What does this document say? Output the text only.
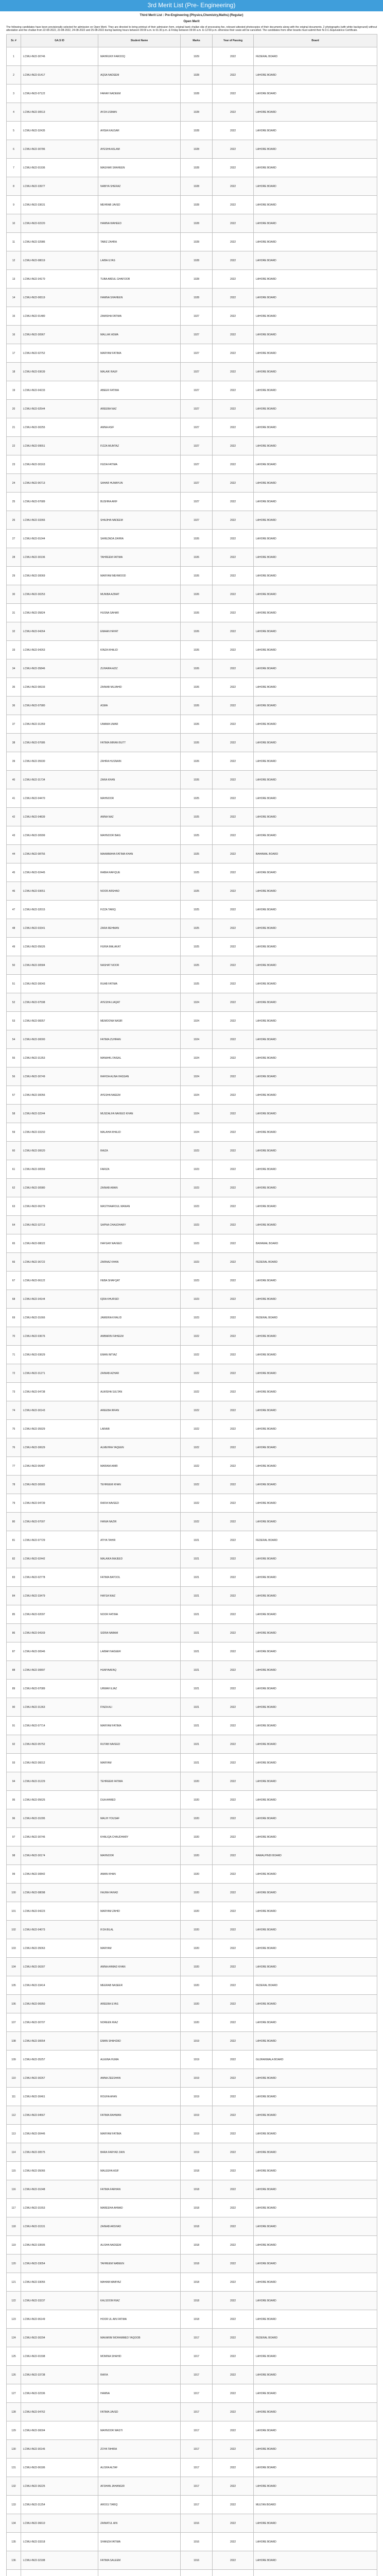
3rd Merit List (Pre- Engineering)
Third Merit List : Pre-Engineering (Physics,Chemistry,Maths) (Regular)
Open Merit
The following candidates have been provisionally selected for admission on Open Merit. They are directed to bring printout of their admission form, original bank challan slip of processing fee, relevant attested photocopies of their documents along with the original documents. 2 photographs (with white background) without attestation and fee challan from 22-08-2022, 23-08-2022, 24-08-2022 and 25-08-2022 during banking hours between 09:00 a.m. to 01:30 p.m. & Friday between 09:00 a.m. to 12:00 p.m. otherwise their seats will be cancelled. The candidates from other boards must submit their N.O.C./Equivalence Certificate.
Sr. #	GA.S ID	Student Name	Marks	Year of Passing	Board
1	LCWU-IN22-30746	MAHRUKH FAROOQ	1029	2022	FEDERAL BOARD
2	LCWU-IN22-01417	AQSA NADEEM	1028	2022	LAHORE BOARD
3	LCWU-IN22-07122	FARAH NADEEM	1028	2022	LAHORE BOARD
4	LCWU-IN22-30513	AYZA USMAN	1028	2022	LAHORE BOARD
5	LCWU-IN22-32435	AHSIA KAUSAR	1028	2022	LAHORE BOARD
6	LCWU-IN22-30786	AYESHA ASLAM	1028	2022	LAHORE BOARD
7	LCWU-IN22-01936	MAGHAR SHAHEEN	1028	2022	LAHORE BOARD
8	LCWU-IN22-33977	NABIYA SHERAZ	1028	2022	LAHORE BOARD
9	LCWU-IN22-33631	MEHRAB JAVED	1028	2022	LAHORE BOARD
10	LCWU-IN22-02220	HAMNA WAHEED	1028	2022	LAHORE BOARD
11	LCWU-IN22-32986	TABIZ ZAHRA	1028	2022	LAHORE BOARD
12	LCWU-IN22-08019	LAIBA ILYAS	1028	2022	LAHORE BOARD
13	LCWU-IN22-34170	TUBA ABDUL GHAFOOR	1028	2022	LAHORE BOARD
14	LCWU-IN22-06519	HAMNA SHAHEEN	1028	2022	LAHORE BOARD
15	LCWU-IN22-01480	ZAMISHA FATIMA	1027	2022	LAHORE BOARD
16	LCWU-IN22-30967	MALLAK ASMA	1027	2022	LAHORE BOARD
17	LCWU-IN22-02752	MARYAM FATIMA	1027	2022	LAHORE BOARD
18	LCWU-IN22-03639	MALAIK RAUF	1027	2022	LAHORE BOARD
19	LCWU-IN22-04233	ABEER FATIMA	1027	2022	LAHORE BOARD
20	LCWU-IN22-02544	AREEBA NAZ	1027	2022	LAHORE BOARD
21	LCWU-IN22-30255	AMNA ASIF	1027	2022	LAHORE BOARD
22	LCWU-IN22-09551	FIZZA MUMTAZ	1027	2022	LAHORE BOARD
23	LCWU-IN22-30163	HUDA FATIMA	1027	2022	LAHORE BOARD
24	LCWU-IN22-06713	SAHAR HUMAYUN	1027	2022	LAHORE BOARD
25	LCWU-IN22-07689	BUSHRA ARIF	1027	2022	LAHORE BOARD
26	LCWU-IN22-33366	SHAJIHA NADEEM	1027	2022	LAHORE BOARD
27	LCWU-IN22-01044	SAHEZADA ZAHRA	1026	2022	LAHORE BOARD
28	LCWU-IN22-30196	TAHREEM FATIMA	1026	2022	LAHORE BOARD
29	LCWU-IN22-30069	MARYAM MEHMOOD	1026	2022	LAHORE BOARD
30	LCWU-IN22-30253	MUNIBA AZMAT	1026	2022	LAHORE BOARD
31	LCWU-IN22-35824	HUSNA SAHAR	1026	2022	LAHORE BOARD
32	LCWU-IN22-04264	EMAAN HAYAT	1026	2022	LAHORE BOARD
33	LCWU-IN22-04263	KINZA KHALID	1026	2022	LAHORE BOARD
34	LCWU-IN22-35846	ZUHAIRA AZIZ	1026	2022	LAHORE BOARD
35	LCWU-IN22-08193	ZAINAB MUJAHID	1026	2022	LAHORE BOARD
36	LCWU-IN22-07980	ASMA	1026	2022	LAHORE BOARD
37	LCWU-IN22-31359	UMAMA UMAR	1026	2022	LAHORE BOARD
38	LCWU-IN22-07686	FATIMA IMRAN BUTT	1026	2022	LAHORE BOARD
39	LCWU-IN22-35930	ZAHRA HUSNAIN	1026	2022	LAHORE BOARD
40	LCWU-IN22-31734	ZARA KHAN	1026	2022	LAHORE BOARD
41	LCWU-IN22-04470	MAHNOOR	1025	2022	LAHORE BOARD
42	LCWU-IN22-04839	AMNA NAZ	1025	2022	LAHORE BOARD
43	LCWU-IN22-30999	MAHNOOR BAIG	1025	2022	LAHORE BOARD
44	LCWU-IN22-08756	MAAMMAHA FATIMA KHAN	1025	2022	BAHAWAL BOARD
45	LCWU-IN22-02445	RABIA RAFIQUE	1025	2022	LAHORE BOARD
46	LCWU-IN22-03651	NOOR ARSHAD	1025	2022	LAHORE BOARD
47	LCWU-IN22-32015	FIZZA TARIQ	1025	2022	LAHORE BOARD
48	LCWU-IN22-03341	ZARA REHMAN	1025	2022	LAHORE BOARD
49	LCWU-IN22-05626	HURIA MALAKAT	1025	2022	LAHORE BOARD
50	LCWU-IN22-30584	NASHAT NOOR	1025	2022	LAHORE BOARD
51	LCWU-IN22-30043	RUAB FATIMA	1025	2022	LAHORE BOARD
52	LCWU-IN22-07598	AYESHA LIAQAT	1024	2022	LAHORE BOARD
53	LCWU-IN22-08357	MEMOONA NASIR	1024	2022	LAHORE BOARD
54	LCWU-IN22-30000	FATIMA ZUHRAN	1024	2022	LAHORE BOARD
55	LCWU-IN22-31353	MANAHIL FAISAL	1024	2022	LAHORE BOARD
56	LCWU-IN22-30749	RAFIDA ALINA HASSAN	1024	2022	LAHORE BOARD
57	LCWU-IN22-30056	AYESHA NAEEM	1024	2022	LAHORE BOARD
58	LCWU-IN22-32244	MUSDALFA NAVEED KHAN	1024	2022	LAHORE BOARD
59	LCWU-IN22-33150	MALAHA KHALID	1024	2022	LAHORE BOARD
60	LCWU-IN22-30620	RAIZA	1023	2022	LAHORE BOARD
61	LCWU-IN22-30559	FARIZA	1023	2022	LAHORE BOARD
62	LCWU-IN22-30980	ZAINAB AMAN	1023	2022	LAHORE BOARD
63	LCWU-IN22-06279	MASTHAAROUL MANAN	1023	2022	LAHORE BOARD
64	LCWU-IN22-32713	SAPNA CHAUDHARY	1023	2022	LAHORE BOARD
65	LCWU-IN22-08022	HAFSAH NAVEED	1023	2022	BAHAWAL BOARD
66	LCWU-IN22-36722	ZARNAZ KHAN	1023	2022	FEDERAL BOARD
67	LCWU-IN22-06122	HEBA SHAFQAT	1023	2022	LAHORE BOARD
68	LCWU-IN22-34144	IQRA KHURSID	1023	2022	LAHORE BOARD
69	LCWU-IN22-31666	JAWERIA KHALID	1023	2022	FEDERAL BOARD
70	LCWU-IN22-03676	AMBARIN FAHEEM	1022	2022	LAHORE BOARD
71	LCWU-IN22-03629	EMAN IMTIAZ	1022	2022	LAHORE BOARD
72	LCWU-IN22-31271	ZAINAB AZHAR	1022	2022	LAHORE BOARD
73	LCWU-IN22-04738	ALWISHA SULTAN	1022	2022	LAHORE BOARD
74	LCWU-IN22-30143	AREEBA IRFAN	1022	2022	LAHORE BOARD
75	LCWU-IN22-35929	LARAIB	1022	2022	LAHORE BOARD
76	LCWU-IN22-30629	ALMEHRA YAQEEN	1022	2022	LAHORE BOARD
77	LCWU-IN22-06487	MARIAM AMIR	1022	2022	LAHORE BOARD
78	LCWU-IN22-30905	TEHREEM KHAN	1022	2022	LAHORE BOARD
79	LCWU-IN22-04739	RAFIA NAVEED	1022	2022	LAHORE BOARD
80	LCWU-IN22-07007	HANIA NAZIR	1022	2022	LAHORE BOARD
81	LCWU-IN22-07729	ATIYA TAHIR	1021	2022	FEDERAL BOARD
82	LCWU-IN22-02442	MALAIKA MAJEED	1021	2022	LAHORE BOARD
83	LCWU-IN22-02778	FATIMA BATOOL	1021	2022	LAHORE BOARD
84	LCWU-IN22-33479	HAFSA NIAZ	1021	2022	LAHORE BOARD
85	LCWU-IN22-02097	NOOR FATIMA	1021	2022	LAHORE BOARD
86	LCWU-IN22-04169	SIDRA NABAM	1021	2022	LAHORE BOARD
87	LCWU-IN22-30946	LAIBAH NASEER	1021	2022	LAHORE BOARD
88	LCWU-IN22-30897	HUMYAAFAQ	1021	2022	LAHORE BOARD
89	LCWU-IN22-07089	URWAH EJAZ	1021	2022	LAHORE BOARD
90	LCWU-IN22-31363	FINZA ALI	1021	2022	LAHORE BOARD
91	LCWU-IN22-07714	MARYAM FATIMA	1021	2022	LAHORE BOARD
92	LCWU-IN22-05752	RUTAB NAVEED	1021	2022	LAHORE BOARD
93	LCWU-IN22-36012	MARYAM	1021	2022	LAHORE BOARD
94	LCWU-IN22-31229	TEHREEM FATIMA	1020	2022	LAHORE BOARD
95	LCWU-IN22-05625	DUA AHMED	1020	2022	LAHORE BOARD
96	LCWU-IN22-31095	MALIH YOUSAF	1020	2022	LAHORE BOARD
97	LCWU-IN22-30746	KHALIQA CHAUDHARY	1020	2022	LAHORE BOARD
98	LCWU-IN22-30174	MAHNOOR	1020	2022	RAWALPINDI BOARD
99	LCWU-IN22-30842	AMAN KHAN	1020	2022	LAHORE BOARD
100	LCWU-IN22-08098	HAJRA FAHAD	1020	2022	LAHORE BOARD
101	LCWU-IN22-04223	MARYAM ZAHID	1020	2022	LAHORE BOARD
102	LCWU-IN22-04073	IFZA BILAL	1020	2022	LAHORE BOARD
103	LCWU-IN22-35063	MARYAM	1020	2022	LAHORE BOARD
104	LCWU-IN22-36307	AMNA AHMAD KHAN	1020	2022	LAHORE BOARD
105	LCWU-IN22-33414	MEERAB NASEER	1020	2022	FEDERAL BOARD
106	LCWU-IN22-06950	AREEBA ILYAS	1020	2022	LAHORE BOARD
107	LCWU-IN22-30707	NOREEN RIAZ	1020	2022	LAHORE BOARD
108	LCWU-IN22-30654	EMAN SHAHZAD	1019	2022	LAHORE BOARD
109	LCWU-IN22-35257	ALEENA HUMA	1019	2022	GUJRANWALA BOARD
110	LCWU-IN22-30267	AMNA ZEESHAN	1019	2022	LAHORE BOARD
111	LCWU-IN22-30461	ROUHA AFAN	1019	2022	LAHORE BOARD
112	LCWU-IN22-04567	FATIMA RAHMAN	1019	2022	LAHORE BOARD
113	LCWU-IN22-30446	MARYAM FATIMA	1019	2022	LAHORE BOARD
114	LCWU-IN22-30575	BARA FARYAD ZAIN	1019	2022	LAHORE BOARD
115	LCWU-IN22-35066	MALEEHA ASIF	1018	2022	LAHORE BOARD
116	LCWU-IN22-31048	FATIMA FARHAN	1018	2022	LAHORE BOARD
117	LCWU-IN22-31553	MAREEHA AHMAD	1018	2022	LAHORE BOARD
118	LCWU-IN22-31531	ZAINAB ARSHAD	1018	2022	LAHORE BOARD
119	LCWU-IN22-33505	ALISHA NADEEM	1018	2022	LAHORE BOARD
120	LCWU-IN22-33054	TAHREEM NABEEN	1018	2022	LAHORE BOARD
121	LCWU-IN22-33055	MAHAM MABYAZ	1018	2022	LAHORE BOARD
122	LCWU-IN22-33237	KALSOOM RIAZ	1018	2022	LAHORE BOARD
123	LCWU-IN22-06149	HOOR UL AIN FATIMA	1018	2022	LAHORE BOARD
124	LCWU-IN22-30294	MAKARIM MOHAMMED YAQOOB	1017	2022	FEDERAL BOARD
125	LCWU-IN22-01598	MOMINA SHAHID	1017	2022	LAHORE BOARD
126	LCWU-IN22-33738	RAFIA	1017	2022	LAHORE BOARD
127	LCWU-IN22-32336	HAMNA	1017	2022	LAHORE BOARD
128	LCWU-IN22-04762	FATIMA JAVED	1017	2022	LAHORE BOARD
129	LCWU-IN22-30004	MAHNOOR WASTI	1017	2022	LAHORE BOARD
130	LCWU-IN22-30146	ZOYA TAHIRA	1017	2022	LAHORE BOARD
131	LCWU-IN22-06186	ALISHA ALTAF	1017	2022	LAHORE BOARD
132	LCWU-IN22-36225	AFSHAN JAHANGIR	1017	2022	LAHORE BOARD
133	LCWU-IN22-31254	AROOJ TARIQ	1017	2022	MULTAN BOARD
134	LCWU-IN22-36610	ZAINATUL AIN	1016	2022	LAHORE BOARD
135	LCWU-IN22-33318	SHANZA FATIMA	1016	2022	LAHORE BOARD
136	LCWU-IN22-32188	FATIMA SALEEM	1016	2022	LAHORE BOARD
